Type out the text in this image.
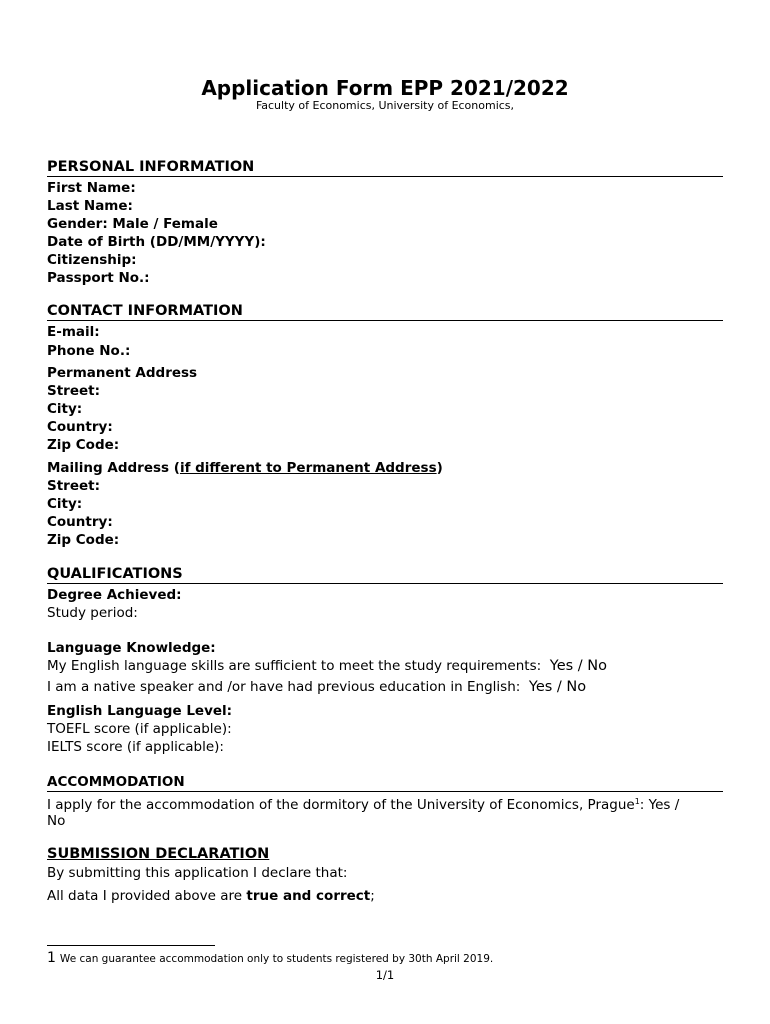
Application Form EPP 2021/2022
Faculty of Economics, University of Economics,
PERSONAL INFORMATION
First Name:
Last Name:
Gender: Male / Female
Date of Birth (DD/MM/YYYY):
Citizenship:
Passport No.:
CONTACT INFORMATION
E-mail:
Phone No.:
Permanent Address
Street:
City:
Country:
Zip Code:
Mailing Address (if different to Permanent Address)
Street:
City:
Country:
Zip Code:
QUALIFICATIONS
Degree Achieved:
Study period:
Language Knowledge:
My English language skills are sufficient to meet the study requirements: Yes / No
I am a native speaker and /or have had previous education in English: Yes / No
English Language Level:
TOEFL score (if applicable):
IELTS score (if applicable):
ACCOMMODATION
I apply for the accommodation of the dormitory of the University of Economics, Prague$^1$: Yes /
No
SUBMISSION DECLARATION
By submitting this application I declare that:
All data I provided above are true and correct;
1 We can guarantee accommodation only to students registered by 30th April 2019.
1/1
